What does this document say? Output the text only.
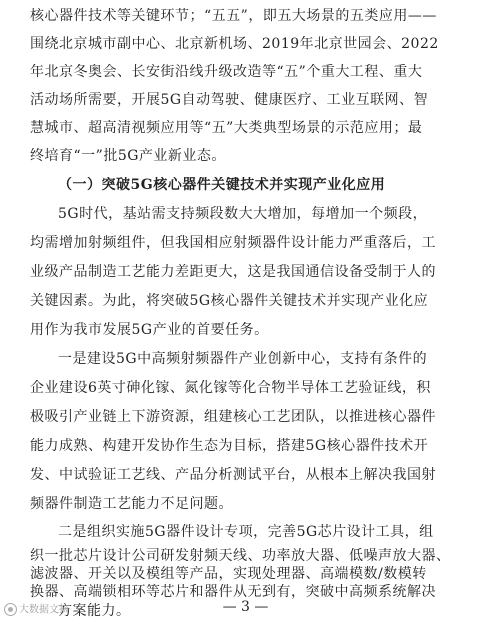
核心器件技术等关键环节；“五五”，即五大场景的五类应用——
围绕北京城市副中心、北京新机场、2019年北京世园会、2022
年北京冬奥会、长安街沿线升级改造等“五”个重大工程、重大
活动场所需要，开展5G自动驾驶、健康医疗、工业互联网、智
慧城市、超高清视频应用等“五”大类典型场景的示范应用；最
终培育“一”批5G产业新业态。
（一）突破5G核心器件关键技术并实现产业化应用
5G时代，基站需支持频段数大大增加，每增加一个频段，
均需增加射频组件，但我国相应射频器件设计能力严重落后，工
业级产品制造工艺能力差距更大，这是我国通信设备受制于人的
关键因素。为此，将突破5G核心器件关键技术并实现产业化应
用作为我市发展5G产业的首要任务。
一是建设5G中高频射频器件产业创新中心，支持有条件的
企业建设6英寸砷化镓、氮化镓等化合物半导体工艺验证线，积
极吸引产业链上下游资源，组建核心工艺团队，以推进核心器件
能力成熟、构建开发协作生态为目标，搭建5G核心器件技术开
发、中试验证工艺线、产品分析测试平台，从根本上解决我国射
频器件制造工艺能力不足问题。
二是组织实施5G器件设计专项，完善5G芯片设计工具，组
织一批芯片设计公司研发射频天线、功率放大器、低噪声放大器、
滤波器、开关以及模组等产品，实现处理器、高端模数/数模转
换器、高端锁相环等芯片和器件从无到有，突破中高频系统解决
方案能力。	— 3 —
大数据文摘
